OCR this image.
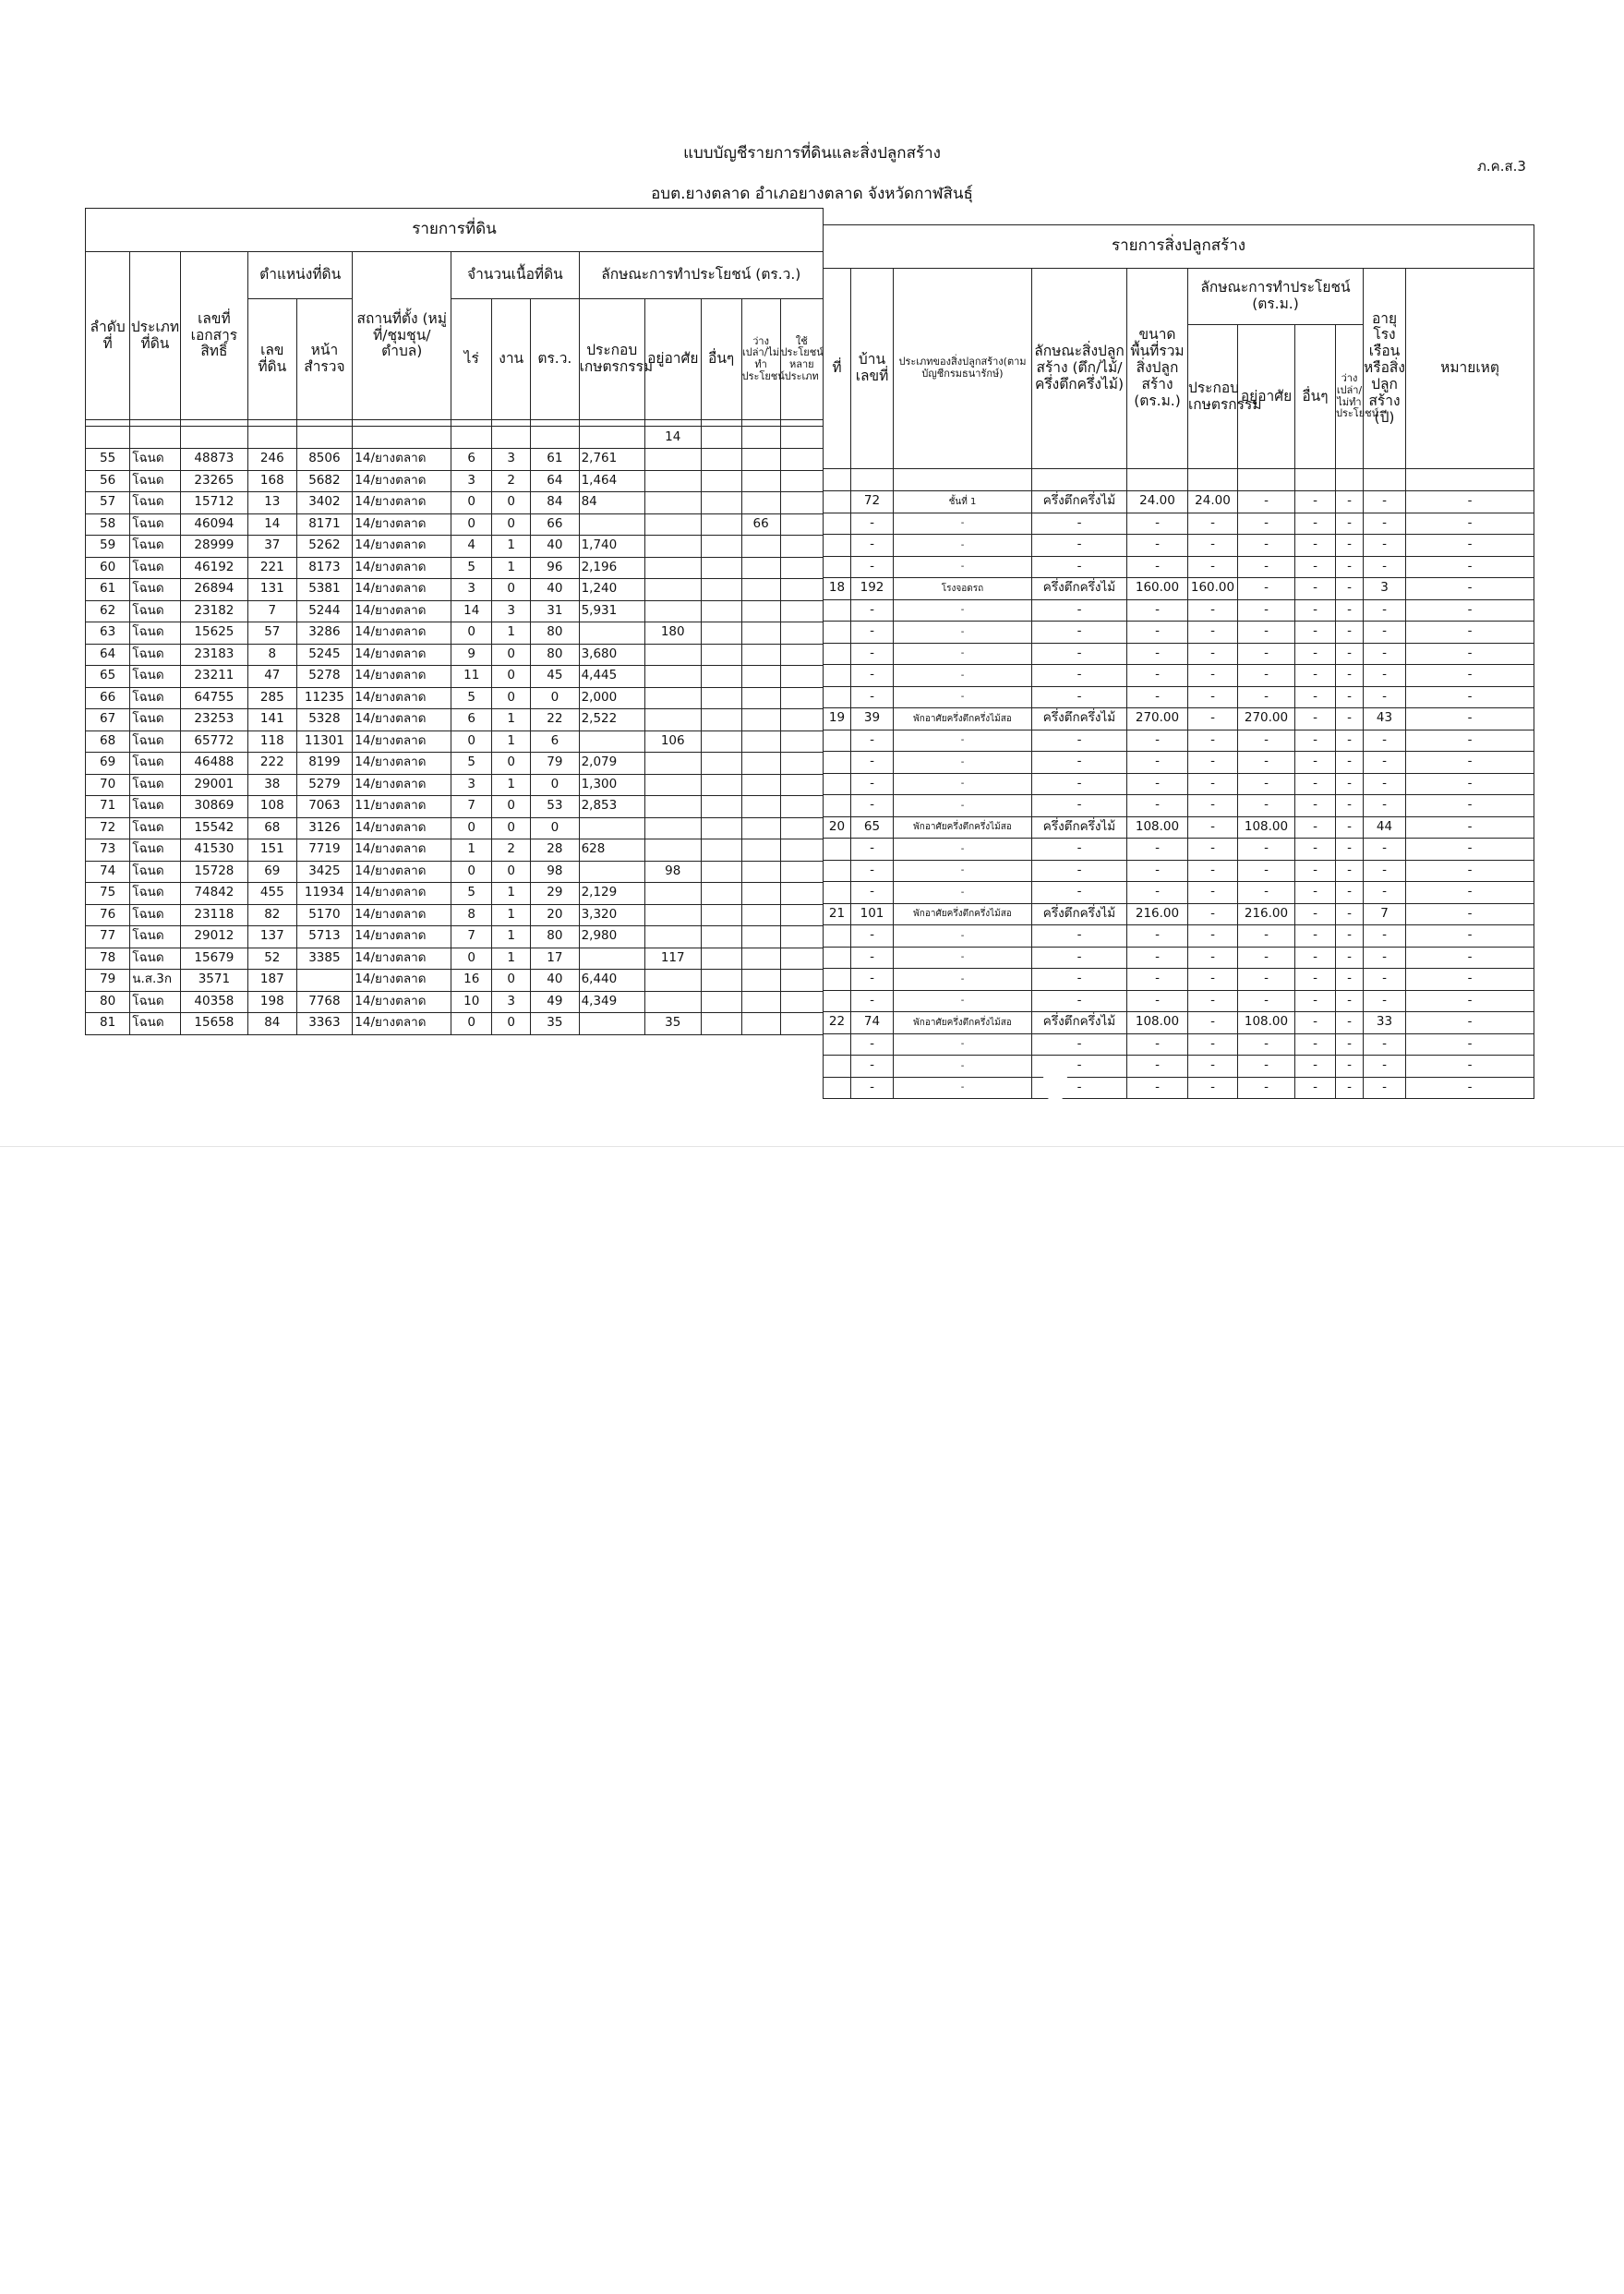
แบบบัญชีรายการที่ดินและสิ่งปลูกสร้าง
อบต.ยางตลาด อำเภอยางตลาด จังหวัดกาฬสินธุ์
ภ.ค.ส.3
รายการที่ดิน													
ลำดับที่	ประเภทที่ดิน	เลขที่เอกสารสิทธิ์	ตำแหน่งที่ดิน		สถานที่ตั้ง (หมู่ที่/ชุมชุน/ตำบล)	จำนวนเนื้อที่ดิน			ลักษณะการทำประโยชน์ (ตร.ว.)				
			เลขที่ดิน	หน้าสำรวจ		ไร่	งาน	ตร.ว.	ประกอบเกษตรกรรม	อยู่อาศัย	อื่นๆ	ว่างเปล่า/ไม่ทำประโยชน์	ใช้ประโยชน์หลายประเภท

										14			
55	โฉนด	48873	246	8506	14/ยางตลาด	6	3	61	2,761				
56	โฉนด	23265	168	5682	14/ยางตลาด	3	2	64	1,464				
57	โฉนด	15712	13	3402	14/ยางตลาด	0	0	84	84				
58	โฉนด	46094	14	8171	14/ยางตลาด	0	0	66				66	
59	โฉนด	28999	37	5262	14/ยางตลาด	4	1	40	1,740				
60	โฉนด	46192	221	8173	14/ยางตลาด	5	1	96	2,196				
61	โฉนด	26894	131	5381	14/ยางตลาด	3	0	40	1,240				
62	โฉนด	23182	7	5244	14/ยางตลาด	14	3	31	5,931				
63	โฉนด	15625	57	3286	14/ยางตลาด	0	1	80		180			
64	โฉนด	23183	8	5245	14/ยางตลาด	9	0	80	3,680				
65	โฉนด	23211	47	5278	14/ยางตลาด	11	0	45	4,445				
66	โฉนด	64755	285	11235	14/ยางตลาด	5	0	0	2,000				
67	โฉนด	23253	141	5328	14/ยางตลาด	6	1	22	2,522				
68	โฉนด	65772	118	11301	14/ยางตลาด	0	1	6		106			
69	โฉนด	46488	222	8199	14/ยางตลาด	5	0	79	2,079				
70	โฉนด	29001	38	5279	14/ยางตลาด	3	1	0	1,300				
71	โฉนด	30869	108	7063	11/ยางตลาด	7	0	53	2,853				
72	โฉนด	15542	68	3126	14/ยางตลาด	0	0	0					
73	โฉนด	41530	151	7719	14/ยางตลาด	1	2	28	628				
74	โฉนด	15728	69	3425	14/ยางตลาด	0	0	98		98			
75	โฉนด	74842	455	11934	14/ยางตลาด	5	1	29	2,129				
76	โฉนด	23118	82	5170	14/ยางตลาด	8	1	20	3,320				
77	โฉนด	29012	137	5713	14/ยางตลาด	7	1	80	2,980				
78	โฉนด	15679	52	3385	14/ยางตลาด	0	1	17		117			
79	น.ส.3ก	3571	187		14/ยางตลาด	16	0	40	6,440				
80	โฉนด	40358	198	7768	14/ยางตลาด	10	3	49	4,349				
81	โฉนด	15658	84	3363	14/ยางตลาด	0	0	35		35			
รายการสิ่งปลูกสร้าง										
ที่	บ้านเลขที่	ประเภทของสิ่งปลูกสร้าง(ตามบัญชีกรมธนารักษ์)	ลักษณะสิ่งปลูกสร้าง (ตึก/ไม้/ครึ่งตึกครึ่งไม้)	ขนาดพื้นที่รวมสิ่งปลูกสร้าง (ตร.ม.)	ลักษณะการทำประโยชน์ (ตร.ม.)				อายุโรงเรือนหรือสิ่งปลูกสร้าง (ปี)	หมายเหตุ
					ประกอบเกษตรกรรม	อยู่อาศัย	อื่นๆ	ว่างเปล่า/ไม่ทำประโยชน์		

	72	ชั้นที่ 1	ครึ่งตึกครึ่งไม้	24.00	24.00	-	-	-	-	-
	-	-	-	-	-	-	-	-	-	-
	-	-	-	-	-	-	-	-	-	-
	-	-	-	-	-	-	-	-	-	-
18	192	โรงจอดรถ	ครึ่งตึกครึ่งไม้	160.00	160.00	-	-	-	3	-
	-	-	-	-	-	-	-	-	-	-
	-	-	-	-	-	-	-	-	-	-
	-	-	-	-	-	-	-	-	-	-
	-	-	-	-	-	-	-	-	-	-
	-	-	-	-	-	-	-	-	-	-
19	39	พักอาศัยครึ่งตึกครึ่งไม้สอ	ครึ่งตึกครึ่งไม้	270.00	-	270.00	-	-	43	-
	-	-	-	-	-	-	-	-	-	-
	-	-	-	-	-	-	-	-	-	-
	-	-	-	-	-	-	-	-	-	-
	-	-	-	-	-	-	-	-	-	-
20	65	พักอาศัยครึ่งตึกครึ่งไม้สอ	ครึ่งตึกครึ่งไม้	108.00	-	108.00	-	-	44	-
	-	-	-	-	-	-	-	-	-	-
	-	-	-	-	-	-	-	-	-	-
	-	-	-	-	-	-	-	-	-	-
21	101	พักอาศัยครึ่งตึกครึ่งไม้สอ	ครึ่งตึกครึ่งไม้	216.00	-	216.00	-	-	7	-
	-	-	-	-	-	-	-	-	-	-
	-	-	-	-	-	-	-	-	-	-
	-	-	-	-	-	-	-	-	-	-
	-	-	-	-	-	-	-	-	-	-
22	74	พักอาศัยครึ่งตึกครึ่งไม้สอ	ครึ่งตึกครึ่งไม้	108.00	-	108.00	-	-	33	-
	-	-	-	-	-	-	-	-	-	-
	-	-	-	-	-	-	-	-	-	-
	-	-	-	-	-	-	-	-	-	-
